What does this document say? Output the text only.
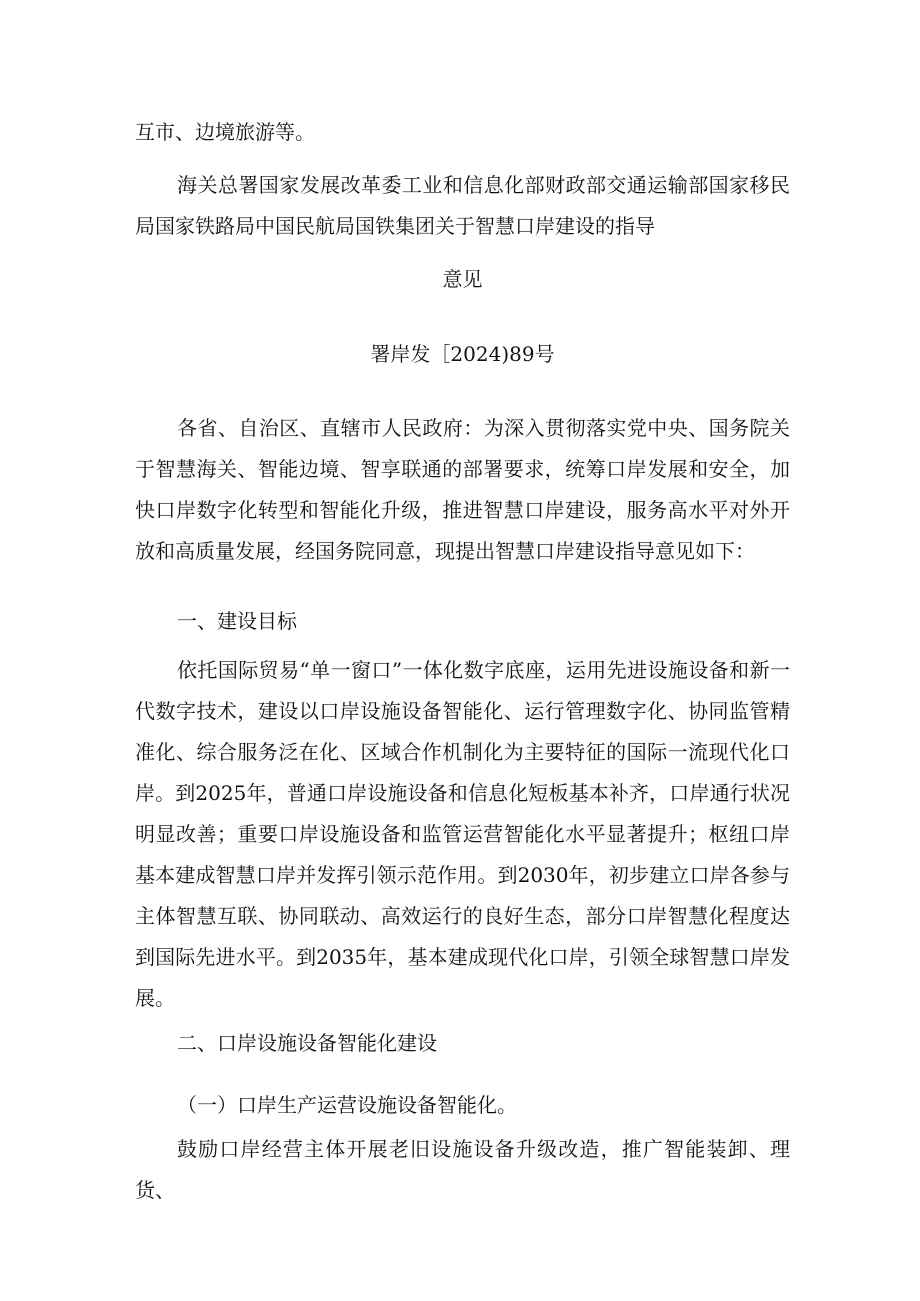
互市、边境旅游等。

海关总署国家发展改革委工业和信息化部财政部交通运输部国家移民局国家铁路局中国民航局国铁集团关于智慧口岸建设的指导

意见

署岸发［2024)89号

各省、自治区、直辖市人民政府：为深入贯彻落实党中央、国务院关于智慧海关、智能边境、智享联通的部署要求，统筹口岸发展和安全，加快口岸数字化转型和智能化升级，推进智慧口岸建设，服务高水平对外开放和高质量发展，经国务院同意，现提出智慧口岸建设指导意见如下：

一、建设目标

依托国际贸易“单一窗口”一体化数字底座，运用先进设施设备和新一代数字技术，建设以口岸设施设备智能化、运行管理数字化、协同监管精准化、综合服务泛在化、区域合作机制化为主要特征的国际一流现代化口岸。到2025年，普通口岸设施设备和信息化短板基本补齐，口岸通行状况明显改善；重要口岸设施设备和监管运营智能化水平显著提升；枢纽口岸基本建成智慧口岸并发挥引领示范作用。到2030年，初步建立口岸各参与主体智慧互联、协同联动、高效运行的良好生态，部分口岸智慧化程度达到国际先进水平。到2035年，基本建成现代化口岸，引领全球智慧口岸发展。

二、口岸设施设备智能化建设

（一）口岸生产运营设施设备智能化。

鼓励口岸经营主体开展老旧设施设备升级改造，推广智能装卸、理货、
